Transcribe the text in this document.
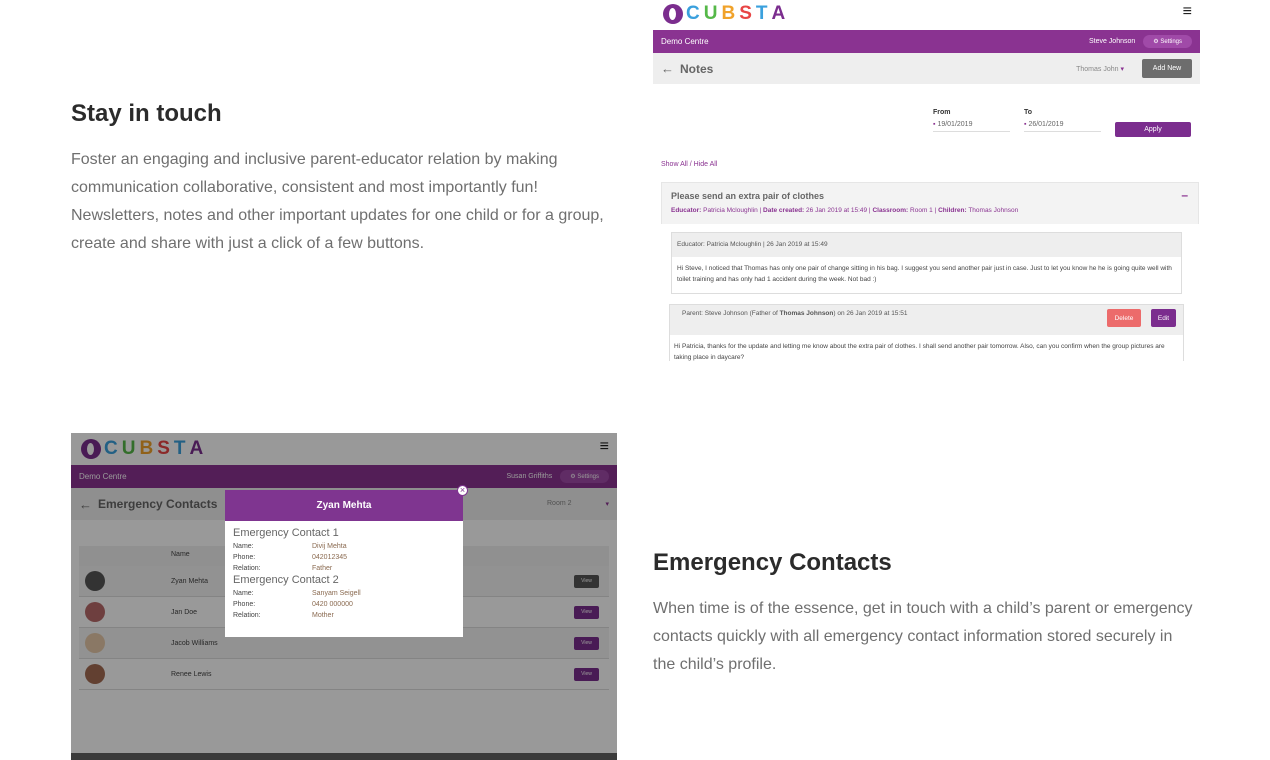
Stay in touch
Foster an engaging and inclusive parent-educator relation by making communication collaborative, consistent and most importantly fun! Newsletters, notes and other important updates for one child or for a group, create and share with just a click of a few buttons.
Emergency Contacts
When time is of the essence, get in touch with a child’s parent or emergency contacts quickly with all emergency contact information stored securely in the child’s profile.
C U B S T A	≡
Demo Centre	Steve Johnson	⚙ Settings
← Notes	Thomas John ▾	Add New
From
▪ 19/01/2019
To
▪ 26/01/2019
Apply
Show All / Hide All
Please send an extra pair of clothes	–
Educator: Patricia Mcloughlin | Date created: 26 Jan 2019 at 15:49 | Classroom: Room 1 | Children: Thomas Johnson
Educator: Patricia Mcloughlin | 26 Jan 2019 at 15:49
Hi Steve, I noticed that Thomas has only one pair of change sitting in his bag. I suggest you send another pair just in case. Just to let you know he he is going quite well with toilet training and has only had 1 accident during the week. Not bad :)
Parent: Steve Johnson (Father of Thomas Johnson) on 26 Jan 2019 at 15:51
Delete	Edit
Hi Patricia, thanks for the update and letting me know about the extra pair of clothes. I shall send another pair tomorrow. Also, can you confirm when the group pictures are taking place in daycare?
C U B S T A	≡
Demo Centre	Susan Griffiths	⚙ Settings
← Emergency Contacts	Room 2	▾
Name
Zyan Mehta	View
Jan Doe	View
Jacob Williams	View
Renee Lewis	View
Zyan Mehta
Emergency Contact 1
Name:	Divij Mehta
Phone:	042012345
Relation:	Father
Emergency Contact 2
Name:	Sanyam Seigell
Phone:	0420 000000
Relation:	Mother
×
